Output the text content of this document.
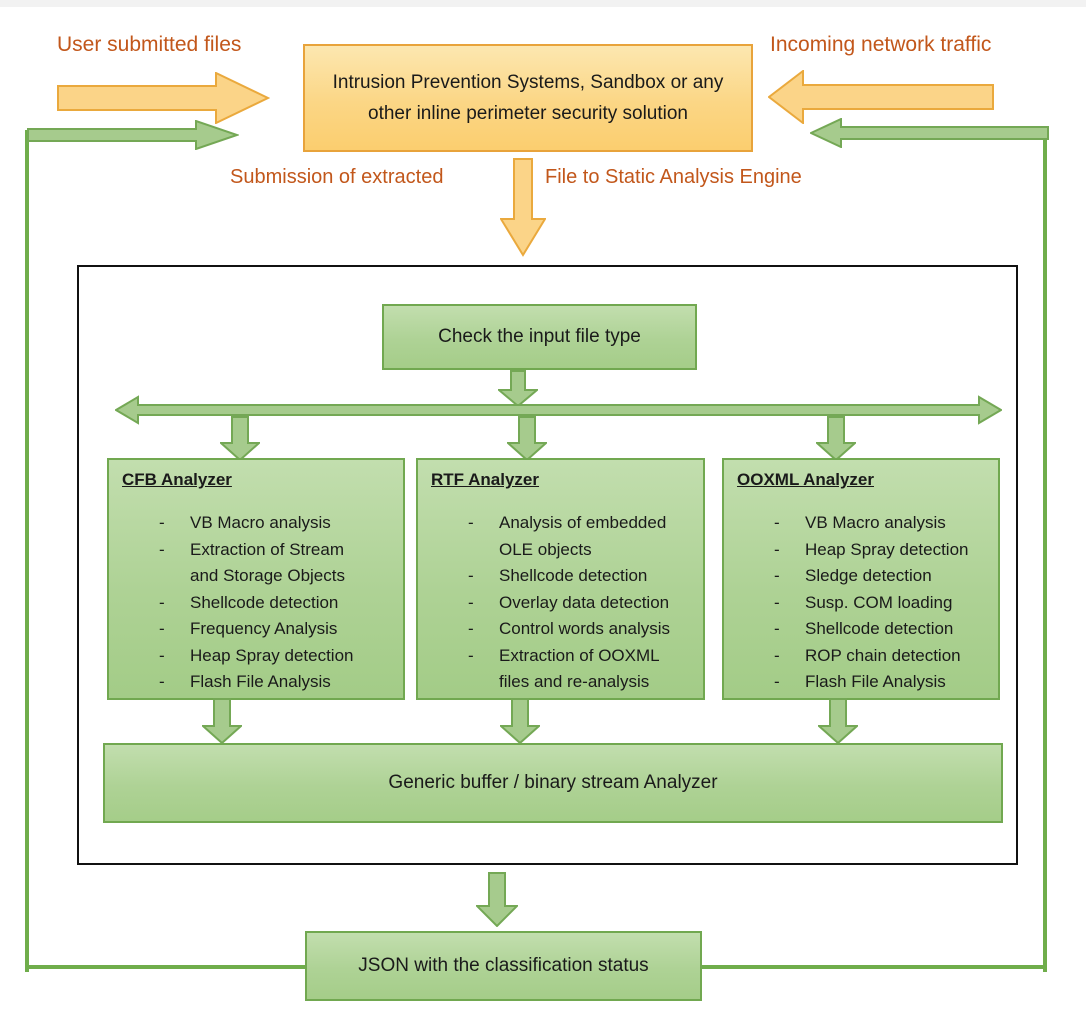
User submitted files	Incoming network traffic
Submission of extracted	File to Static Analysis Engine
Intrusion Prevention Systems, Sandbox or any other inline perimeter security solution
Check the input file type
CFB Analyzer
- VB Macro analysis
- Extraction of Stream and Storage Objects
- Shellcode detection
- Frequency Analysis
- Heap Spray detection
- Flash File Analysis
RTF Analyzer
- Analysis of embedded OLE objects
- Shellcode detection
- Overlay data detection
- Control words analysis
- Extraction of OOXML files and re-analysis
OOXML Analyzer
- VB Macro analysis
- Heap Spray detection
- Sledge detection
- Susp. COM loading
- Shellcode detection
- ROP chain detection
- Flash File Analysis
Generic buffer / binary stream Analyzer
JSON with the classification status
